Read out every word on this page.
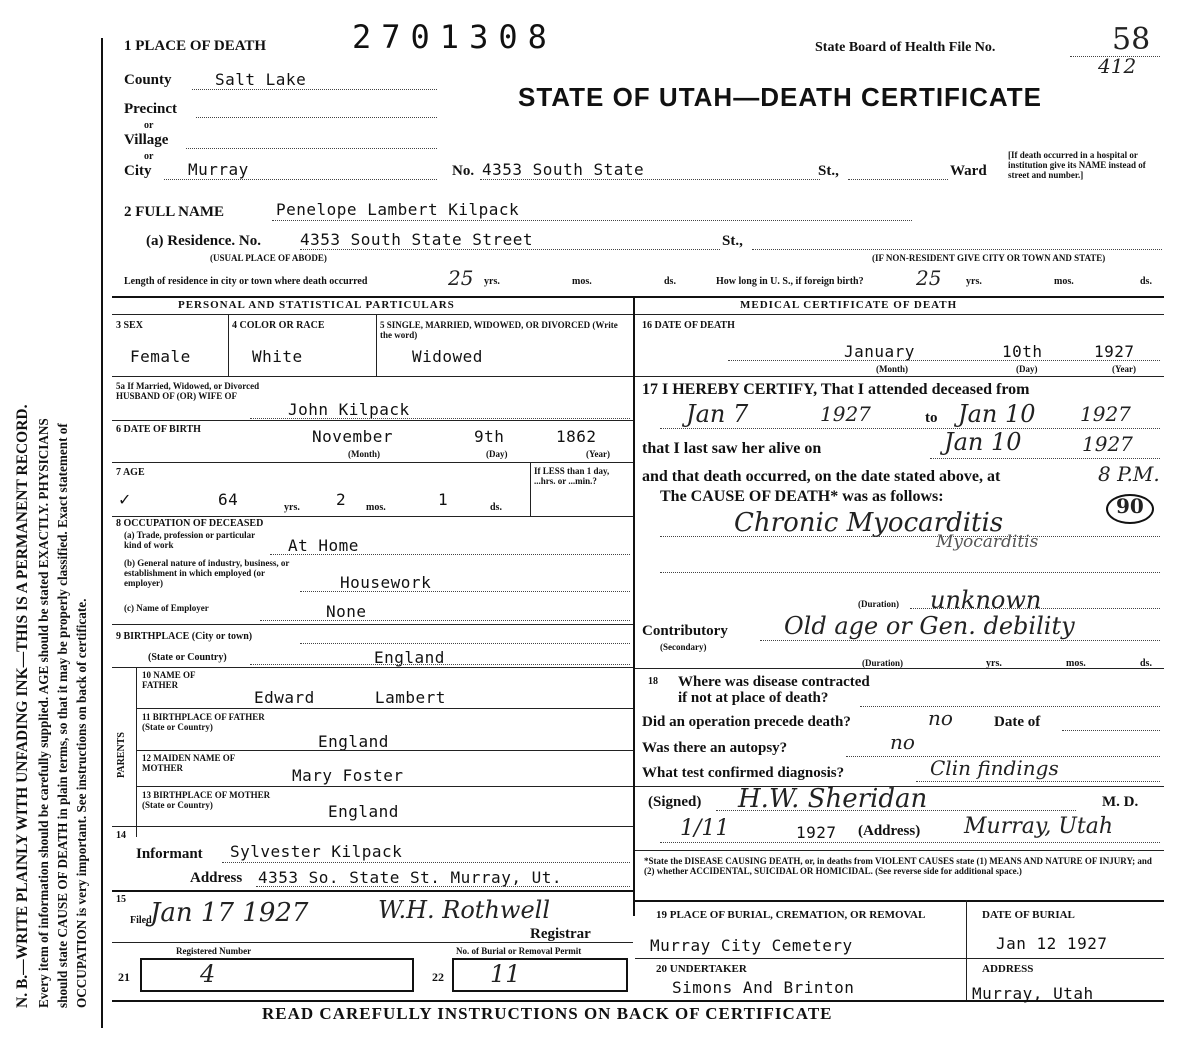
N. B.—WRITE PLAINLY WITH UNFADING INK—THIS IS A PERMANENT RECORD. Every item of information should be carefully supplied. AGE should be stated EXACTLY. PHYSICIANS should state CAUSE OF DEATH in plain terms, so that it may be properly classified. Exact statement of OCCUPATION is very important. See instructions on back of certificate.
1 PLACE OF DEATH	2701308	State Board of Health File No.	58
412
STATE OF UTAH—DEATH CERTIFICATE
County	Salt Lake
Precinct
or
Village
or
City Murray	No. 4353 South State	St.,	Ward
[If death occurred in a hospital or institution give its NAME instead of street and number.]
2 FULL NAME	Penelope Lambert Kilpack
(a) Residence. No. 4353 South State Street	St.,
(USUAL PLACE OF ABODE)	(IF NON-RESIDENT GIVE CITY OR TOWN AND STATE)
Length of residence in city or town where death occurred	25 yrs.	mos.	ds.	How long in U. S., if foreign birth?	25 yrs.	mos.	ds.
PERSONAL AND STATISTICAL PARTICULARS
3 SEX
Female
4 COLOR OR RACE
White
5 SINGLE, MARRIED, WIDOWED, OR DIVORCED (Write the word)
Widowed
5a If Married, Widowed, or Divorced HUSBAND OF (OR) WIFE OF
John Kilpack
6 DATE OF BIRTH	November	9th	1862
(Month)	(Day)	(Year)
7 AGE	If LESS than 1 day, ...hrs. or ...min.?
✓	64	yrs. 2 mos.	1	ds.
8 OCCUPATION OF DECEASED
(a) Trade, profession or particular kind of work	At Home
(b) General nature of industry, business, or establishment in which employed (or employer)	Housework
(c) Name of Employer	None
9 BIRTHPLACE (City or town)
(State or Country)	England
PARENTS
10 NAME OF FATHER
Edward Lambert
11 BIRTHPLACE OF FATHER (State or Country)
England
12 MAIDEN NAME OF MOTHER	Mary Foster
13 BIRTHPLACE OF MOTHER (State or Country)	England
14
Informant Sylvester Kilpack
Address 4353 So. State St. Murray, Ut.
15
Filed
Jan 17 1927	W.H. Rothwell
Registrar
Registered Number
21	4
No. of Burial or Removal Permit
22 11
MEDICAL CERTIFICATE OF DEATH
16 DATE OF DEATH
January	10th	1927
(Month)	(Day)	(Year)
17 I HEREBY CERTIFY, That I attended deceased from
Jan 7	1927	to Jan 10 1927
that I last saw her alive on	Jan 10	1927
and that death occurred, on the date stated above, at	8 P.M.
The CAUSE OF DEATH* was as follows:
Chronic Myocarditis
90
Myocarditis
(Duration) unknown
Contributory
(Secondary)
Old age or Gen. debility
(Duration)	yrs.	mos.	ds.
18 Where was disease contracted
if not at place of death?
Did an operation precede death?	no	Date of
Was there an autopsy?	no
What test confirmed diagnosis?	Clin findings
(Signed) H.W. Sheridan	M. D.
1/11	1927 (Address) Murray, Utah
*State the DISEASE CAUSING DEATH, or, in deaths from VIOLENT CAUSES state (1) MEANS AND NATURE OF INJURY; and (2) whether ACCIDENTAL, SUICIDAL OR HOMICIDAL. (See reverse side for additional space.)
19 PLACE OF BURIAL, CREMATION, OR REMOVAL	DATE OF BURIAL
Murray City Cemetery	Jan 12 1927
20 UNDERTAKER	ADDRESS
Simons And Brinton	Murray, Utah
READ CAREFULLY INSTRUCTIONS ON BACK OF CERTIFICATE
